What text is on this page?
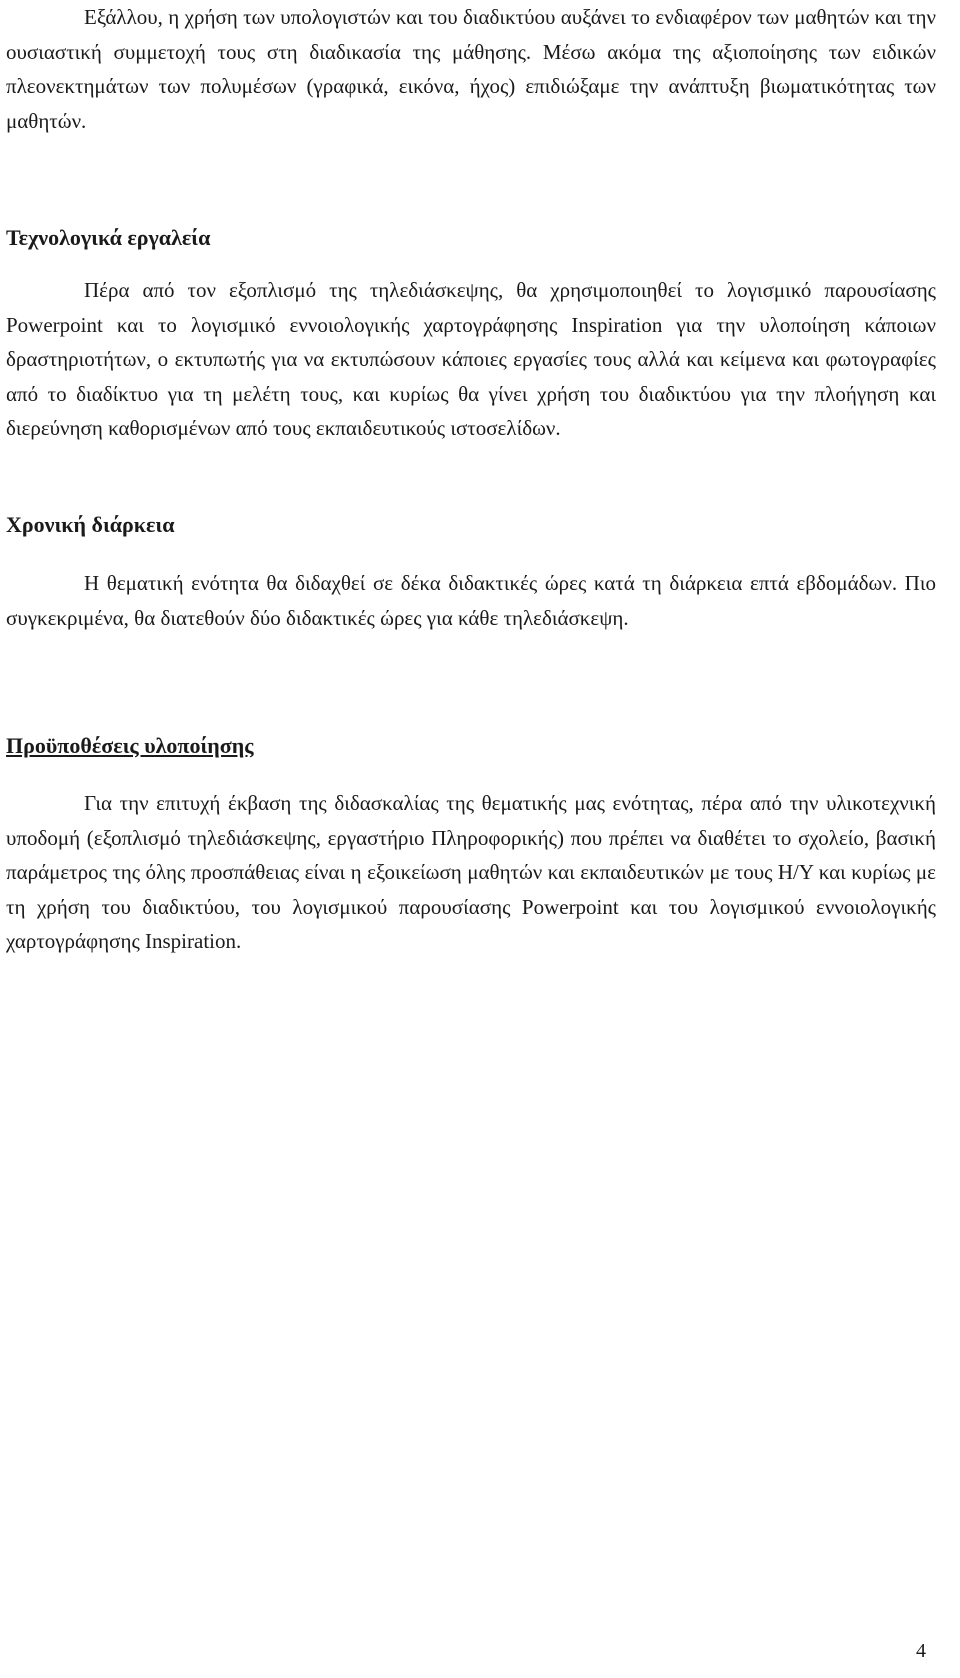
Εξάλλου, η χρήση των υπολογιστών και του διαδικτύου αυξάνει το ενδιαφέρον των μαθητών και την ουσιαστική συμμετοχή τους στη διαδικασία της μάθησης. Μέσω ακόμα της αξιοποίησης των ειδικών πλεονεκτημάτων των πολυμέσων (γραφικά, εικόνα, ήχος) επιδιώξαμε την ανάπτυξη βιωματικότητας των μαθητών.

Τεχνολογικά εργαλεία

Πέρα από τον εξοπλισμό της τηλεδιάσκεψης, θα χρησιμοποιηθεί το λογισμικό παρουσίασης Powerpoint και το λογισμικό εννοιολογικής χαρτογράφησης Inspiration για την υλοποίηση κάποιων δραστηριοτήτων, ο εκτυπωτής για να εκτυπώσουν κάποιες εργασίες τους αλλά και κείμενα και φωτογραφίες από το διαδίκτυο για τη μελέτη τους, και κυρίως θα γίνει χρήση του διαδικτύου για την πλοήγηση και διερεύνηση καθορισμένων από τους εκπαιδευτικούς ιστοσελίδων.

Χρονική διάρκεια

Η θεματική ενότητα θα διδαχθεί σε δέκα διδακτικές ώρες κατά τη διάρκεια επτά εβδομάδων. Πιο συγκεκριμένα, θα διατεθούν δύο διδακτικές ώρες για κάθε τηλεδιάσκεψη.

Προϋποθέσεις υλοποίησης

Για την επιτυχή έκβαση της διδασκαλίας της θεματικής μας ενότητας, πέρα από την υλικοτεχνική υποδομή (εξοπλισμό τηλεδιάσκεψης, εργαστήριο Πληροφορικής) που πρέπει να διαθέτει το σχολείο, βασική παράμετρος της όλης προσπάθειας είναι η εξοικείωση μαθητών και εκπαιδευτικών με τους Η/Υ και κυρίως με τη χρήση του διαδικτύου, του λογισμικού παρουσίασης Powerpoint και του λογισμικού εννοιολογικής χαρτογράφησης Inspiration.

4
